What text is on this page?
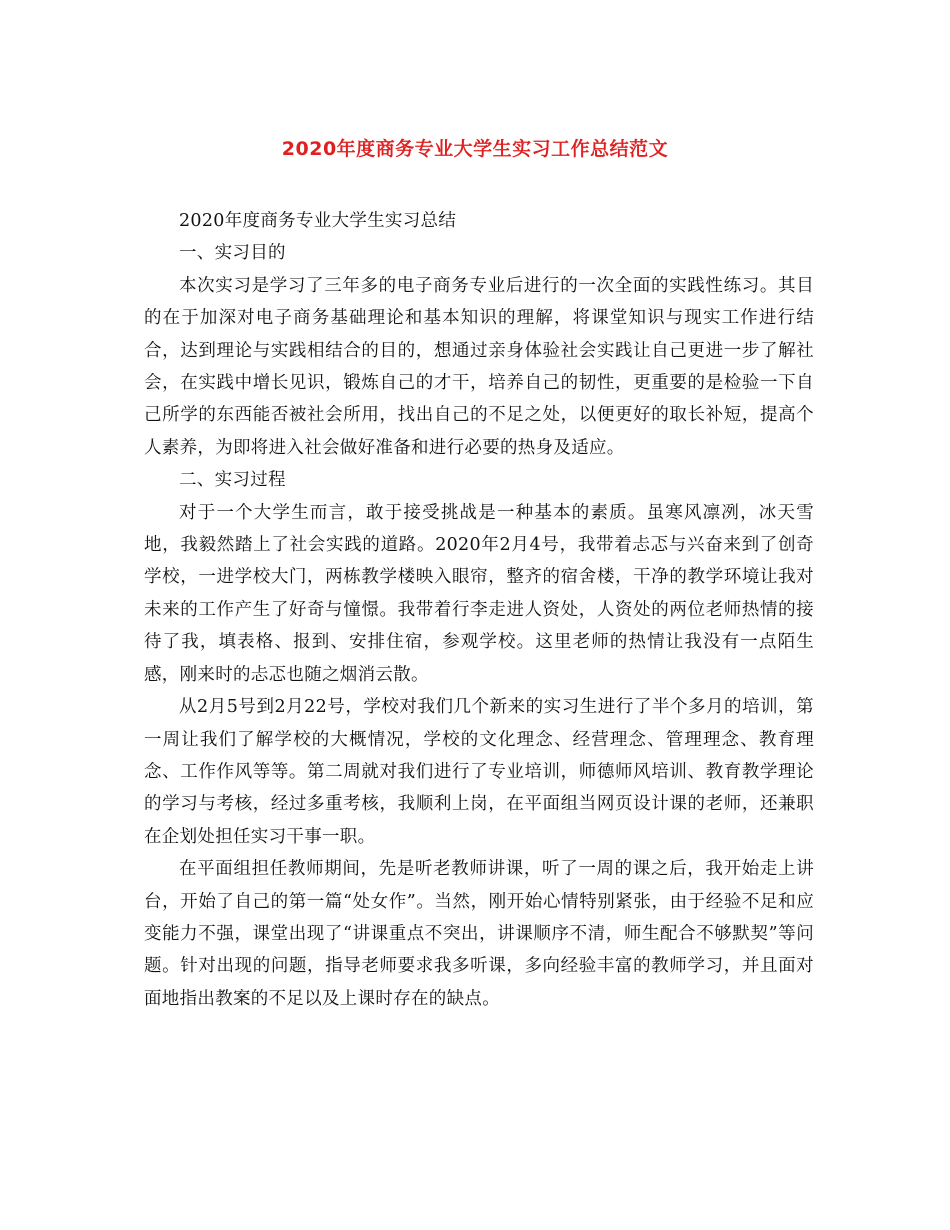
2020年度商务专业大学生实习工作总结范文

2020年度商务专业大学生实习总结

一、实习目的

本次实习是学习了三年多的电子商务专业后进行的一次全面的实践性练习。其目的在于加深对电子商务基础理论和基本知识的理解，将课堂知识与现实工作进行结合，达到理论与实践相结合的目的，想通过亲身体验社会实践让自己更进一步了解社会，在实践中增长见识，锻炼自己的才干，培养自己的韧性，更重要的是检验一下自己所学的东西能否被社会所用，找出自己的不足之处，以便更好的取长补短，提高个人素养，为即将进入社会做好准备和进行必要的热身及适应。

二、实习过程

对于一个大学生而言，敢于接受挑战是一种基本的素质。虽寒风凛冽，冰天雪地，我毅然踏上了社会实践的道路。2020年2月4号，我带着忐忑与兴奋来到了创奇学校，一进学校大门，两栋教学楼映入眼帘，整齐的宿舍楼，干净的教学环境让我对未来的工作产生了好奇与憧憬。我带着行李走进人资处，人资处的两位老师热情的接待了我，填表格、报到、安排住宿，参观学校。这里老师的热情让我没有一点陌生感，刚来时的忐忑也随之烟消云散。

从2月5号到2月22号，学校对我们几个新来的实习生进行了半个多月的培训，第一周让我们了解学校的大概情况，学校的文化理念、经营理念、管理理念、教育理念、工作作风等等。第二周就对我们进行了专业培训，师德师风培训、教育教学理论的学习与考核，经过多重考核，我顺利上岗，在平面组当网页设计课的老师，还兼职在企划处担任实习干事一职。

在平面组担任教师期间，先是听老教师讲课，听了一周的课之后，我开始走上讲台，开始了自己的第一篇“处女作”。当然，刚开始心情特别紧张，由于经验不足和应变能力不强，课堂出现了“讲课重点不突出，讲课顺序不清，师生配合不够默契”等问题。针对出现的问题，指导老师要求我多听课，多向经验丰富的教师学习，并且面对面地指出教案的不足以及上课时存在的缺点。
